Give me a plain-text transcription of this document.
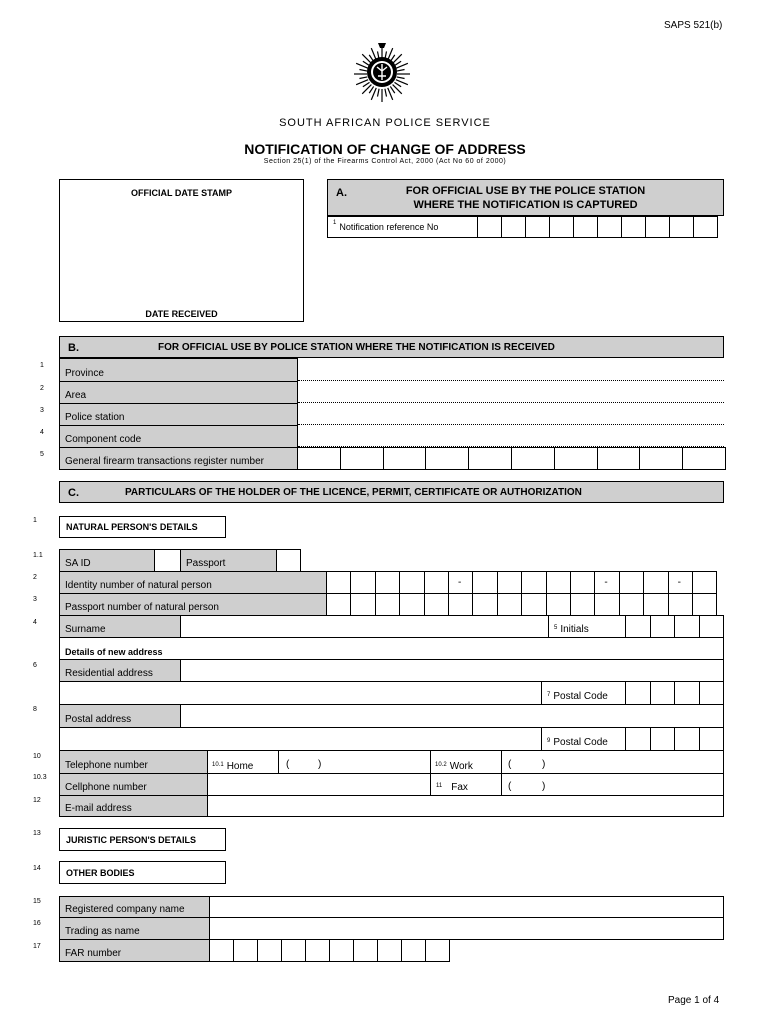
SAPS 521(b)
SOUTH AFRICAN POLICE SERVICE
NOTIFICATION OF CHANGE OF ADDRESS
Section 25(1) of the Firearms Control Act, 2000 (Act No 60 of 2000)
OFFICIAL DATE STAMP
DATE RECEIVED
A.	FOR OFFICIAL USE BY THE POLICE STATION
WHERE THE NOTIFICATION IS CAPTURED
1 Notification reference No
B.	FOR OFFICIAL USE BY POLICE STATION WHERE THE NOTIFICATION IS RECEIVED
1
Province
2
Area
3
Police station
4
Component code
5
General firearm transactions register number
C.	PARTICULARS OF THE HOLDER OF THE LICENCE, PERMIT, CERTIFICATE OR AUTHORIZATION
1
NATURAL PERSON'S DETAILS
1.1
SA ID	Passport
2
Identity number of natural person	-	-	-
3
Passport number of natural person
4
Surname	5 Initials
Details of new address
6
Residential address
7 Postal Code
8
Postal address
9 Postal Code
10
Telephone number	10.1 Home	(	)	10.2 Work	(	)
10.3
Cellphone number	11 Fax	(	)
12
E-mail address
13
JURISTIC PERSON'S DETAILS
14	OTHER BODIES
15
Registered company name
16
Trading as name
17
FAR number
Page 1 of 4
